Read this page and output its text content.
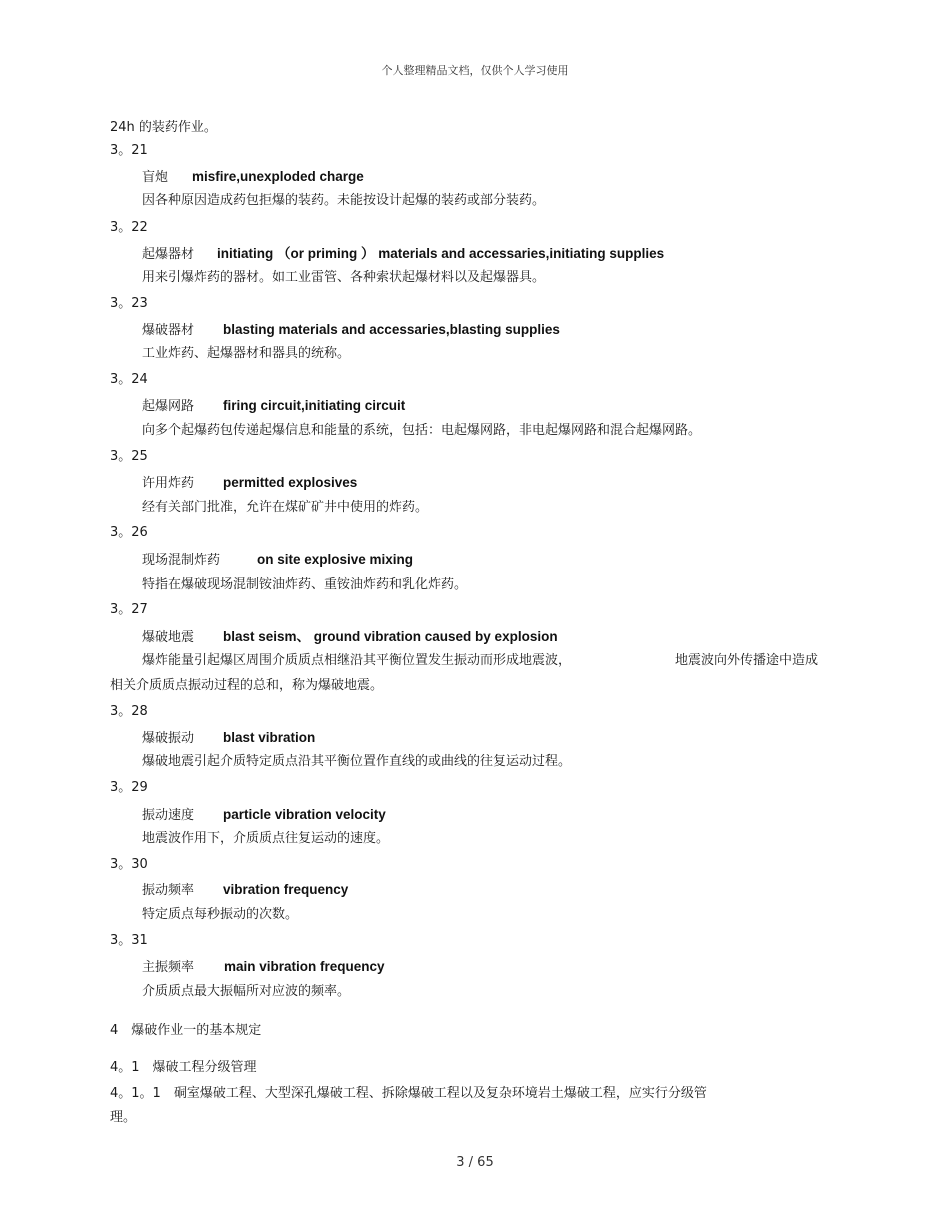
个人整理精品文档，仅供个人学习使用
24h 的装药作业。
3。21
盲炮 misfire,unexploded charge
因各种原因造成药包拒爆的装药。未能按设计起爆的装药或部分装药。
3。22
起爆器材 initiating （or priming ） materials and accessaries,initiating supplies
用来引爆炸药的器材。如工业雷管、各种索状起爆材料以及起爆器具。
3。23
爆破器材 blasting materials and accessaries,blasting supplies
工业炸药、起爆器材和器具的统称。
3。24
起爆网路 firing circuit,initiating circuit
向多个起爆药包传递起爆信息和能量的系统，包括：电起爆网路，非电起爆网路和混合起爆网路。
3。25
许用炸药 permitted explosives
经有关部门批准，允许在煤矿矿井中使用的炸药。
3。26
现场混制炸药	on site explosive mixing
特指在爆破现场混制铵油炸药、重铵油炸药和乳化炸药。
3。27
爆破地震 blast seism、 ground vibration caused by explosion
爆炸能量引起爆区周围介质质点相继沿其平衡位置发生振动而形成地震波，	地震波向外传播途中造成
相关介质质点振动过程的总和，称为爆破地震。
3。28
爆破振动 blast vibration
爆破地震引起介质特定质点沿其平衡位置作直线的或曲线的往复运动过程。
3。29
振动速度 particle vibration velocity
地震波作用下，介质质点往复运动的速度。
3。30
振动频率 vibration frequency
特定质点每秒振动的次数。
3。31
主振频率 main vibration frequency
介质质点最大振幅所对应波的频率。
4　爆破作业一的基本规定
4。1　爆破工程分级管理
4。1。1　硐室爆破工程、大型深孔爆破工程、拆除爆破工程以及复杂环境岩土爆破工程，应实行分级管
理。
3 / 65
